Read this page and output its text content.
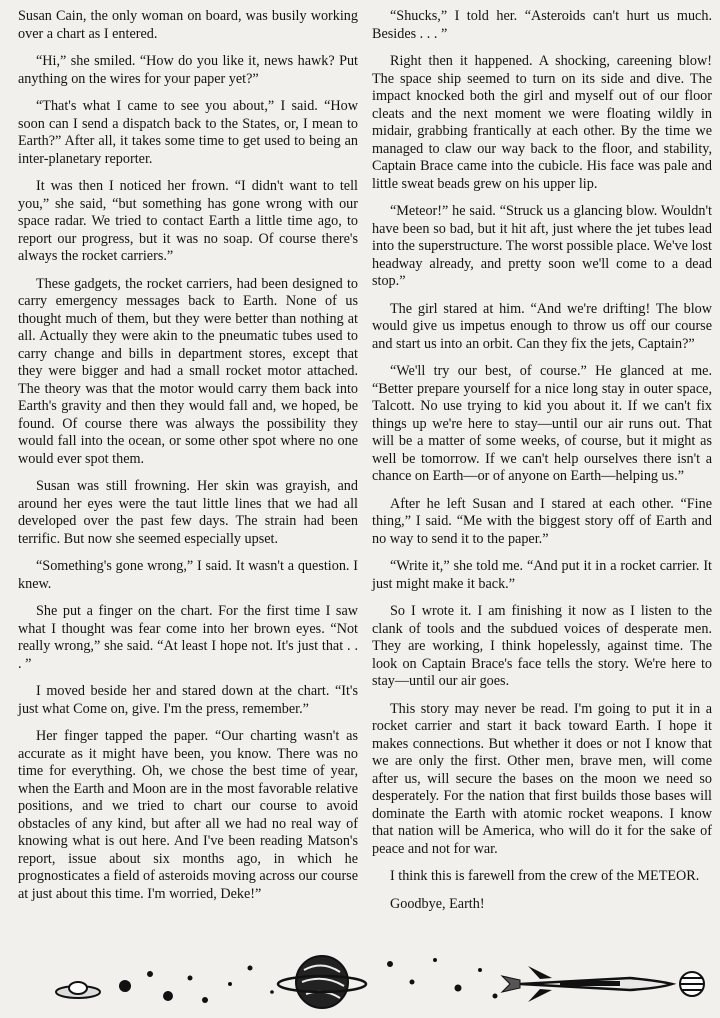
Susan Cain, the only woman on board, was busily working over a chart as I entered.

“Hi,” she smiled. “How do you like it, news hawk? Put anything on the wires for your paper yet?”

“That's what I came to see you about,” I said. “How soon can I send a dispatch back to the States, or, I mean to Earth?” After all, it takes some time to get used to being an inter-planetary reporter.

It was then I noticed her frown. “I didn't want to tell you,” she said, “but something has gone wrong with our space radar. We tried to contact Earth a little time ago, to report our progress, but it was no soap. Of course there's always the rocket carriers.”

These gadgets, the rocket carriers, had been designed to carry emergency messages back to Earth. None of us thought much of them, but they were better than nothing at all. Actually they were akin to the pneumatic tubes used to carry change and bills in department stores, except that they were bigger and had a small rocket motor attached. The theory was that the motor would carry them back into Earth's gravity and then they would fall and, we hoped, be found. Of course there was always the possibility they would fall into the ocean, or some other spot where no one would ever spot them.

Susan was still frowning. Her skin was grayish, and around her eyes were the taut little lines that we had all developed over the past few days. The strain had been terrific. But now she seemed especially upset.

“Something's gone wrong,” I said. It wasn't a question. I knew.

She put a finger on the chart. For the first time I saw what I thought was fear come into her brown eyes. “Not really wrong,” she said. “At least I hope not. It's just that . . . ”

I moved beside her and stared down at the chart. “It's just what Come on, give. I'm the press, remember.”

Her finger tapped the paper. “Our charting wasn't as accurate as it might have been, you know. There was no time for everything. Oh, we chose the best time of year, when the Earth and Moon are in the most favorable relative positions, and we tried to chart our course to avoid obstacles of any kind, but after all we had no real way of knowing what is out here. And I've been reading Matson's report, issue about six months ago, in which he prognosticates a field of asteroids moving across our course at just about this time. I'm worried, Deke!”

“Shucks,” I told her. “Asteroids can't hurt us much. Besides . . . ”

Right then it happened. A shocking, careening blow! The space ship seemed to turn on its side and dive. The impact knocked both the girl and myself out of our floor cleats and the next moment we were floating wildly in midair, grabbing frantically at each other. By the time we managed to claw our way back to the floor, and stability, Captain Brace came into the cubicle. His face was pale and little sweat beads grew on his upper lip.

“Meteor!” he said. “Struck us a glancing blow. Wouldn't have been so bad, but it hit aft, just where the jet tubes lead into the superstructure. The worst possible place. We've lost headway already, and pretty soon we'll come to a dead stop.”

The girl stared at him. “And we're drifting! The blow would give us impetus enough to throw us off our course and start us into an orbit. Can they fix the jets, Captain?”

“We'll try our best, of course.” He glanced at me. “Better prepare yourself for a nice long stay in outer space, Talcott. No use trying to kid you about it. If we can't fix things up we're here to stay—until our air runs out. That will be a matter of some weeks, of course, but it might as well be tomorrow. If we can't help ourselves there isn't a chance on Earth—or of anyone on Earth—helping us.”

After he left Susan and I stared at each other. “Fine thing,” I said. “Me with the biggest story off of Earth and no way to send it to the paper.”

“Write it,” she told me. “And put it in a rocket carrier. It just might make it back.”

So I wrote it. I am finishing it now as I listen to the clank of tools and the subdued voices of desperate men. They are working, I think hopelessly, against time. The look on Captain Brace's face tells the story. We're here to stay—until our air goes.

This story may never be read. I'm going to put it in a rocket carrier and start it back toward Earth. I hope it makes connections. But whether it does or not I know that we are only the first. Other men, brave men, will come after us, will secure the bases on the moon we need so desperately. For the nation that first builds those bases will dominate the Earth with atomic rocket weapons. I know that nation will be America, who will do it for the sake of peace and not for war.

I think this is farewell from the crew of the METEOR.

Goodbye, Earth!
